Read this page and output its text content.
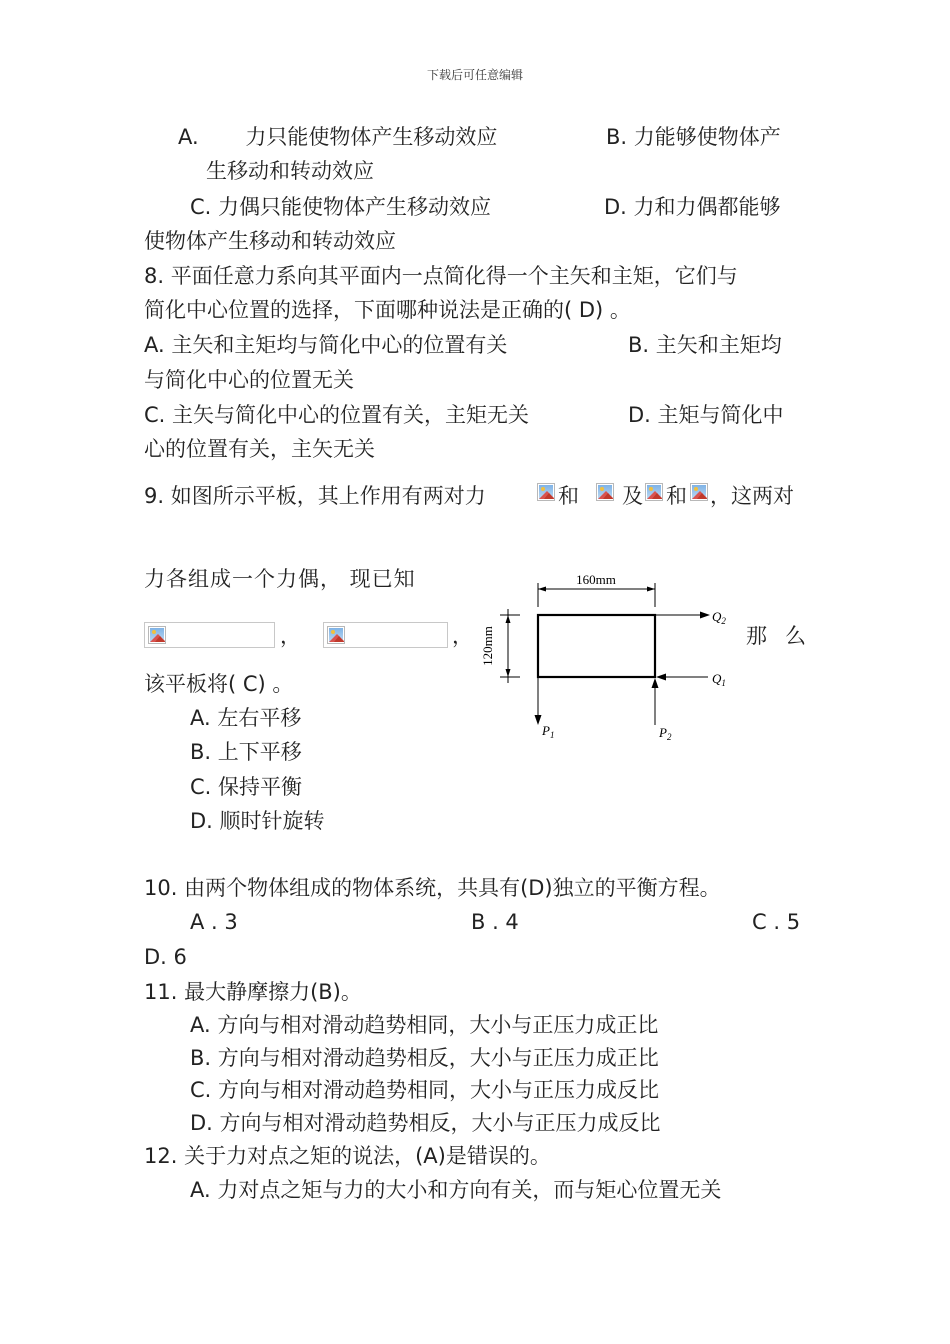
下载后可任意编辑
A.       力只能使物体产生移动效应	B. 力能够使物体产
生移动和转动效应
C. 力偶只能使物体产生移动效应	D. 力和力偶都能够
使物体产生移动和转动效应
8. 平面任意力系向其平面内一点简化得一个主矢和主矩，它们与
简化中心位置的选择，下面哪种说法是正确的( D) 。
A. 主矢和主矩均与简化中心的位置有关	B. 主矢和主矩均
与简化中心的位置无关
C. 主矢与简化中心的位置有关，主矩无关	D. 主矩与简化中
心的位置有关，主矢无关
9. 如图所示平板，其上作用有两对力	和 及 和 ，这两对
力各组成一个力偶， 现已知
，	，	那 么
该平板将( C) 。
A. 左右平移
B. 上下平移
C. 保持平衡
D. 顺时针旋转
160mm
120mm
$Q_2$
$Q_1$
$P_1$	$P_2$
10. 由两个物体组成的物体系统，共具有(D)独立的平衡方程。
A . 3	B . 4	C . 5
D. 6
11. 最大静摩擦力(B)。
A. 方向与相对滑动趋势相同，大小与正压力成正比
B. 方向与相对滑动趋势相反，大小与正压力成正比
C. 方向与相对滑动趋势相同，大小与正压力成反比
D. 方向与相对滑动趋势相反，大小与正压力成反比
12. 关于力对点之矩的说法，(A)是错误的。
A. 力对点之矩与力的大小和方向有关，而与矩心位置无关
